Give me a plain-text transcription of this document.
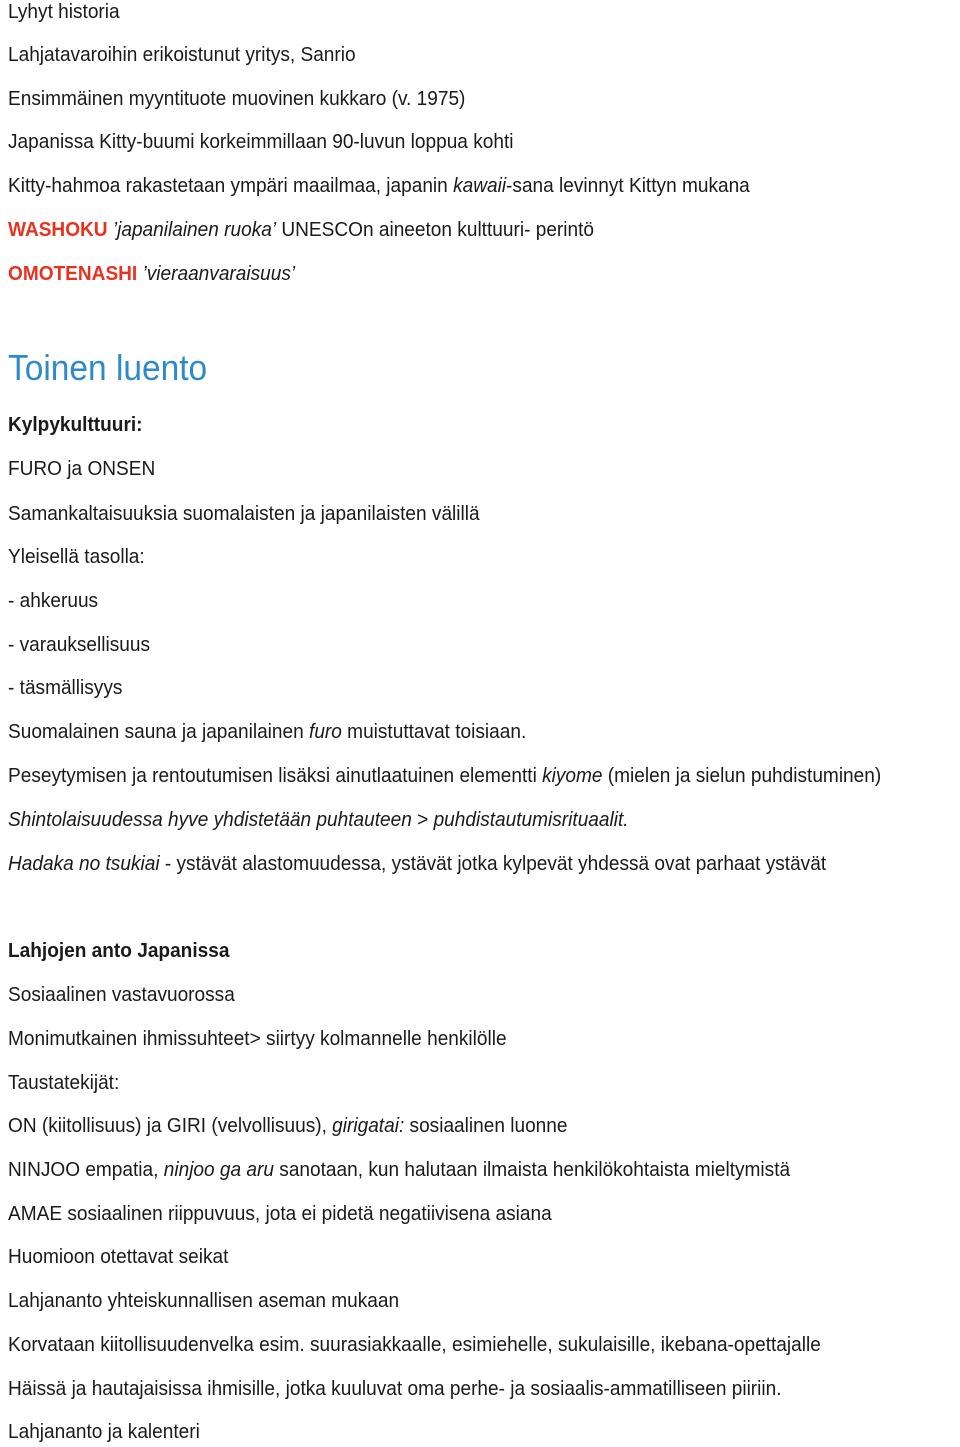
Lyhyt historia
Lahjatavaroihin erikoistunut yritys, Sanrio
Ensimmäinen myyntituote muovinen kukkaro (v. 1975)
Japanissa Kitty-buumi korkeimmillaan 90-luvun loppua kohti
Kitty-hahmoa rakastetaan ympäri maailmaa, japanin kawaii-sana levinnyt Kittyn mukana
WASHOKU ’japanilainen ruoka’ UNESCOn aineeton kulttuuri- perintö
OMOTENASHI ’vieraanvaraisuus’
Toinen luento
Kylpykulttuuri:
FURO ja ONSEN
Samankaltaisuuksia suomalaisten ja japanilaisten välillä
Yleisellä tasolla:
- ahkeruus
- varauksellisuus
- täsmällisyys
Suomalainen sauna ja japanilainen furo muistuttavat toisiaan.
Peseytymisen ja rentoutumisen lisäksi ainutlaatuinen elementti kiyome (mielen ja sielun puhdistuminen)
Shintolaisuudessa hyve yhdistetään puhtauteen > puhdistautumisrituaalit.
Hadaka no tsukiai - ystävät alastomuudessa, ystävät jotka kylpevät yhdessä ovat parhaat ystävät
Lahjojen anto Japanissa
Sosiaalinen vastavuorossa
Monimutkainen ihmissuhteet> siirtyy kolmannelle henkilölle
Taustatekijät:
ON (kiitollisuus) ja GIRI (velvollisuus), girigatai: sosiaalinen luonne
NINJOO empatia, ninjoo ga aru sanotaan, kun halutaan ilmaista henkilökohtaista mieltymistä
AMAE sosiaalinen riippuvuus, jota ei pidetä negatiivisena asiana
Huomioon otettavat seikat
Lahjananto yhteiskunnallisen aseman mukaan
Korvataan kiitollisuudenvelka esim. suurasiakkaalle, esimiehelle, sukulaisille, ikebana-opettajalle
Häissä ja hautajaisissa ihmisille, jotka kuuluvat oma perhe- ja sosiaalis-ammatilliseen piiriin.
Lahjananto ja kalenteri
